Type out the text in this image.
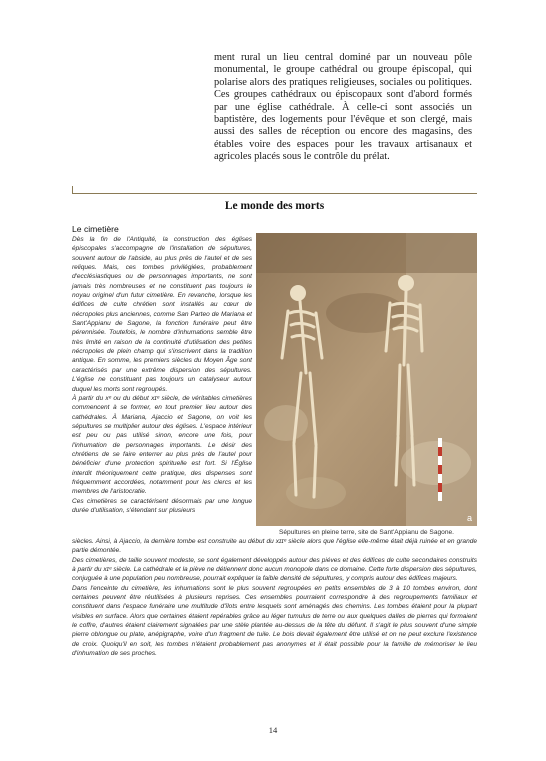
ment rural un lieu central dominé par un nouveau pôle monumental, le groupe cathédral ou groupe épiscopal, qui polarise alors des pratiques religieuses, sociales ou politiques. Ces groupes cathédraux ou épiscopaux sont d'abord formés par une église cathédrale. À celle-ci sont associés un baptistère, des logements pour l'évêque et son clergé, mais aussi des salles de réception ou encore des magasins, des étables voire des espaces pour les travaux artisanaux et agricoles placés sous le contrôle du prélat.

Le monde des morts
Le cimetière

Dès la fin de l'Antiquité, la construction des églises épiscopales s'accompagne de l'installation de sépultures, souvent autour de l'abside, au plus près de l'autel et de ses reliques. Mais, ces tombes privilégiées, probablement d'ecclésiastiques ou de personnages importants, ne sont jamais très nombreuses et ne constituent pas toujours le noyau originel d'un futur cimetière. En revanche, lorsque les édifices de culte chrétien sont installés au cœur de nécropoles plus anciennes, comme San Parteo de Mariana et Sant'Appianu de Sagone, la fonction funéraire peut être pérennisée. Toutefois, le nombre d'inhumations semble être très limité en raison de la continuité d'utilisation des petites nécropoles de plein champ qui s'inscrivent dans la tradition antique. En somme, les premiers siècles du Moyen Âge sont caractérisés par une extrême dispersion des sépultures. L'église ne constituant pas toujours un catalyseur autour duquel les morts sont regroupés.

À partir du xᵉ ou du début xɪᵉ siècle, de véritables cimetières commencent à se former, en tout premier lieu autour des cathédrales. À Mariana, Ajaccio et Sagone, on voit les sépultures se multiplier autour des églises. L'espace intérieur est peu ou pas utilisé sinon, encore une fois, pour l'inhumation de personnages importants. Le désir des chrétiens de se faire enterrer au plus près de l'autel pour bénéficier d'une protection spirituelle est fort. Si l'Église interdit théoriquement cette pratique, des dispenses sont fréquemment accordées, notamment pour les clercs et les membres de l'aristocratie.

Ces cimetières se caractérisent désormais par une longue durée d'utilisation, s'étendant sur plusieurs

a
Sépultures en pleine terre, site de Sant'Appianu de Sagone.

siècles. Ainsi, à Ajaccio, la dernière tombe est construite au début du xɪɪᵉ siècle alors que l'église elle-même était déjà ruinée et en grande partie démontée.

Des cimetières, de taille souvent modeste, se sont également développés autour des piéves et des édifices de culte secondaires construits à partir du xɪᵉ siècle. La cathédrale et la piève ne détiennent donc aucun monopole dans ce domaine. Cette forte dispersion des sépultures, conjuguée à une population peu nombreuse, pourrait expliquer la faible densité de sépultures, y compris autour des édifices majeurs.

Dans l'enceinte du cimetière, les inhumations sont le plus souvent regroupées en petits ensembles de 3 à 10 tombes environ, dont certaines peuvent être réutilisées à plusieurs reprises. Ces ensembles pourraient correspondre à des regroupements familiaux et constituent dans l'espace funéraire une multitude d'îlots entre lesquels sont aménagés des chemins. Les tombes étaient pour la plupart visibles en surface. Alors que certaines étaient repérables grâce au léger tumulus de terre ou aux quelques dalles de pierres qui formaient le coffre, d'autres étaient clairement signalées par une stèle plantée au-dessus de la tête du défunt. Il s'agit le plus souvent d'une simple pierre oblongue ou plate, anépigraphe, voire d'un fragment de tuile. Le bois devait également être utilisé et on ne peut exclure l'existence de croix. Quoiqu'il en soit, les tombes n'étaient probablement pas anonymes et il était possible pour la famille de mémoriser le lieu d'inhumation de ses proches.

14
